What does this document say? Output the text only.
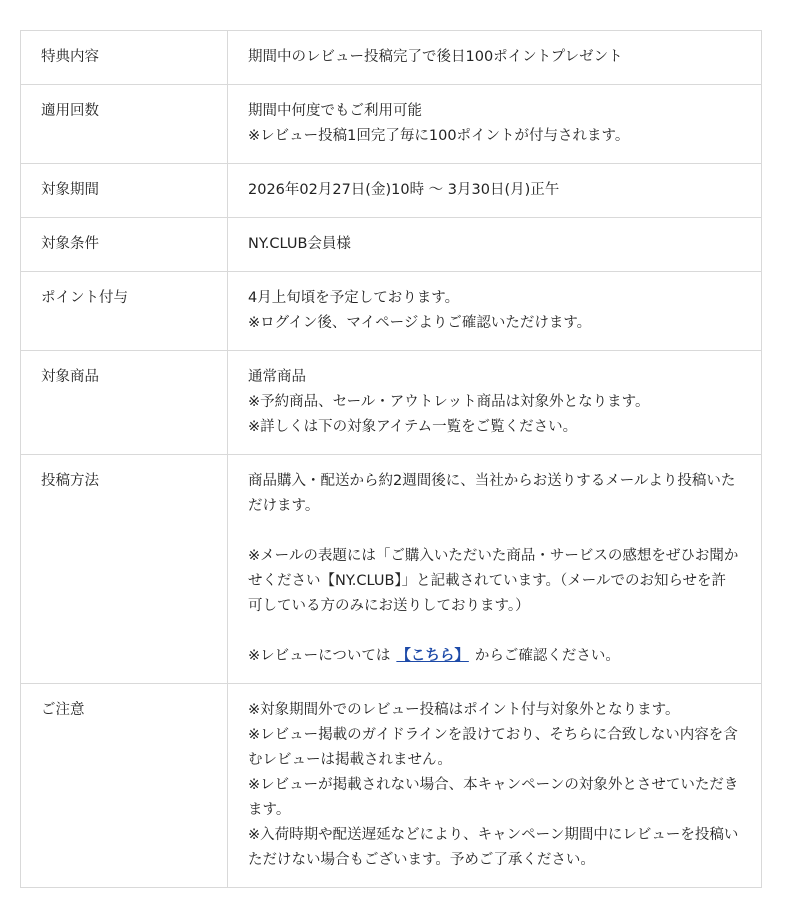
特典内容	期間中のレビュー投稿完了で後日100ポイントプレゼント

適用回数	期間中何度でもご利用可能
※レビュー投稿1回完了毎に100ポイントが付与されます。

対象期間	2026年02月27日(金)10時 〜 3月30日(月)正午

対象条件	NY.CLUB会員様

ポイント付与	4月上旬頃を予定しております。
※ログイン後、マイページよりご確認いただけます。

対象商品	通常商品
※予約商品、セール・アウトレット商品は対象外となります。
※詳しくは下の対象アイテム一覧をご覧ください。

投稿方法	商品購入・配送から約2週間後に、当社からお送りするメールより投稿いただけます。
※メールの表題には「ご購入いただいた商品・サービスの感想をぜひお聞かせください【NY.CLUB】」と記載されています。（メールでのお知らせを許可している方のみにお送りしております。）
※レビューについては 【こちら】 からご確認ください。

ご注意	※対象期間外でのレビュー投稿はポイント付与対象外となります。
※レビュー掲載のガイドラインを設けており、そちらに合致しない内容を含むレビューは掲載されません。
※レビューが掲載されない場合、本キャンペーンの対象外とさせていただきます。
※入荷時期や配送遅延などにより、キャンペーン期間中にレビューを投稿いただけない場合もございます。予めご了承ください。
